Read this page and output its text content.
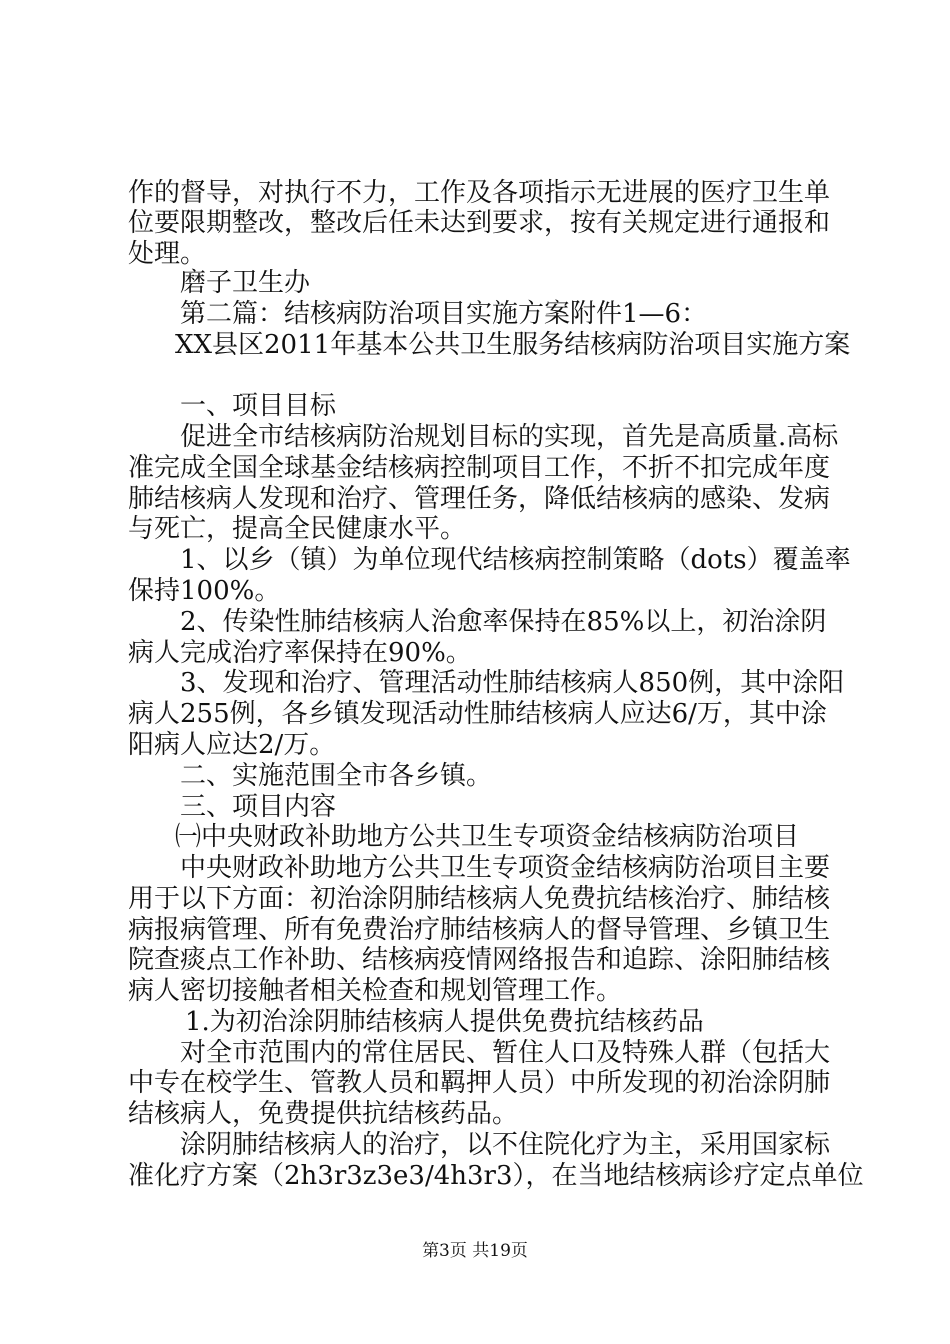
作的督导，对执行不力，工作及各项指示无进展的医疗卫生单
位要限期整改，整改后任未达到要求，按有关规定进行通报和
处理。
磨子卫生办
第二篇：结核病防治项目实施方案附件1—6：
XX县区2011年基本公共卫生服务结核病防治项目实施方案
一、项目目标
促进全市结核病防治规划目标的实现，首先是高质量.高标
准完成全国全球基金结核病控制项目工作，不折不扣完成年度
肺结核病人发现和治疗、管理任务，降低结核病的感染、发病
与死亡，提高全民健康水平。
1、以乡（镇）为单位现代结核病控制策略（dots）覆盖率
保持100%。
2、传染性肺结核病人治愈率保持在85%以上，初治涂阴
病人完成治疗率保持在90%。
3、发现和治疗、管理活动性肺结核病人850例，其中涂阳
病人255例，各乡镇发现活动性肺结核病人应达6/万，其中涂
阳病人应达2/万。
二、实施范围全市各乡镇。
三、项目内容
㈠中央财政补助地方公共卫生专项资金结核病防治项目
中央财政补助地方公共卫生专项资金结核病防治项目主要
用于以下方面：初治涂阴肺结核病人免费抗结核治疗、肺结核
病报病管理、所有免费治疗肺结核病人的督导管理、乡镇卫生
院查痰点工作补助、结核病疫情网络报告和追踪、涂阳肺结核
病人密切接触者相关检查和规划管理工作。
1.为初治涂阴肺结核病人提供免费抗结核药品
对全市范围内的常住居民、暂住人口及特殊人群（包括大
中专在校学生、管教人员和羁押人员）中所发现的初治涂阴肺
结核病人，免费提供抗结核药品。
涂阴肺结核病人的治疗，以不住院化疗为主，采用国家标
准化疗方案（2h3r3z3e3/4h3r3），在当地结核病诊疗定点单位
第3页 共19页
